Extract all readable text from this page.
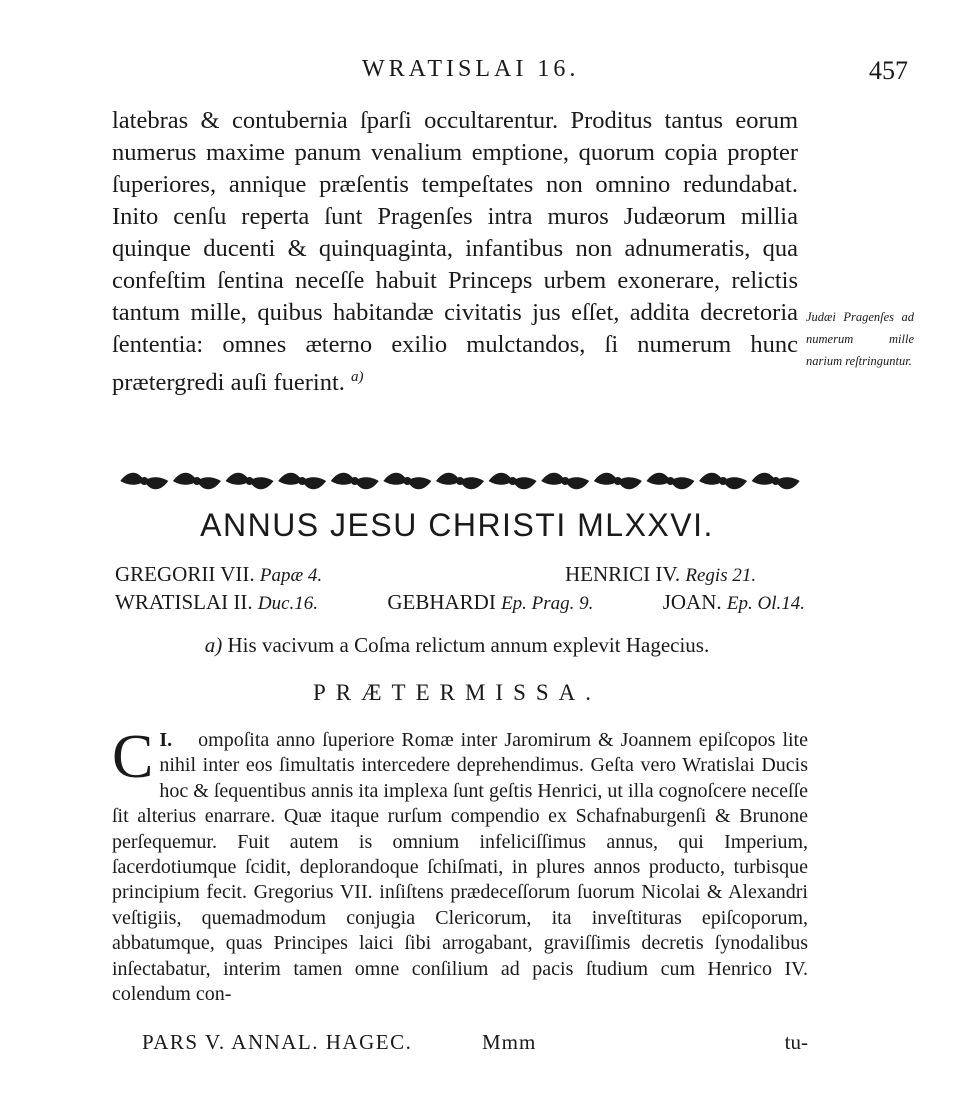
WRATISLAI 16.	457

latebras & contubernia ſparſi occultarentur. Proditus tantus eorum numerus maxime panum venalium emptione, quorum copia propter ſuperiores, annique præſentis tempeſtates non omnino redundabat. Inito cenſu reperta ſunt Pragenſes intra muros Judæorum millia quinque ducenti & quinquaginta, infantibus non adnumeratis, qua confeſtim ſentina neceſſe habuit Princeps urbem exonerare, relictis tantum mille, quibus habitandæ civitatis jus eſſet, addita decretoria ſententia: omnes æterno exilio mulctandos, ſi numerum hunc prætergredi auſi fuerint. $^{a)}$

Judæi Pragenſes ad numerum mille narium reſtringuntur.
ANNUS JESU CHRISTI MLXXVI.
GREGORII VII. Papæ 4.	HENRICI IV. Regis 21.
WRATISLAI II. Duc.16.	GEBHARDI Ep. Prag. 9.	JOAN. Ep. Ol.14.
a) His vacivum a Coſma relictum annum explevit Hagecius.
PRÆTERMISSA.

I.
C ompoſita anno ſuperiore Romæ inter Jaromirum & Joannem epiſcopos lite nihil inter eos ſimultatis intercedere deprehendimus. Geſta vero Wratislai Ducis hoc & ſequentibus annis ita implexa ſunt geſtis Henrici, ut illa cognoſcere neceſſe ſit alterius enarrare. Quæ itaque rurſum compendio ex Schafnaburgenſi & Brunone perſequemur. Fuit autem is omnium infeliciſſimus annus, qui Imperium, ſacerdotiumque ſcidit, deplorandoque ſchiſmati, in plures annos producto, turbisque principium fecit. Gregorius VII. inſiſtens prædeceſſorum ſuorum Nicolai & Alexandri veſtigiis, quemadmodum conjugia Clericorum, ita inveſtituras epiſcoporum, abbatumque, quas Principes laici ſibi arrogabant, graviſſimis decretis ſynodalibus inſectabatur, interim tamen omne conſilium ad pacis ſtudium cum Henrico IV. colendum con-

PARS V. ANNAL. HAGEC.	Mmm	tu-
